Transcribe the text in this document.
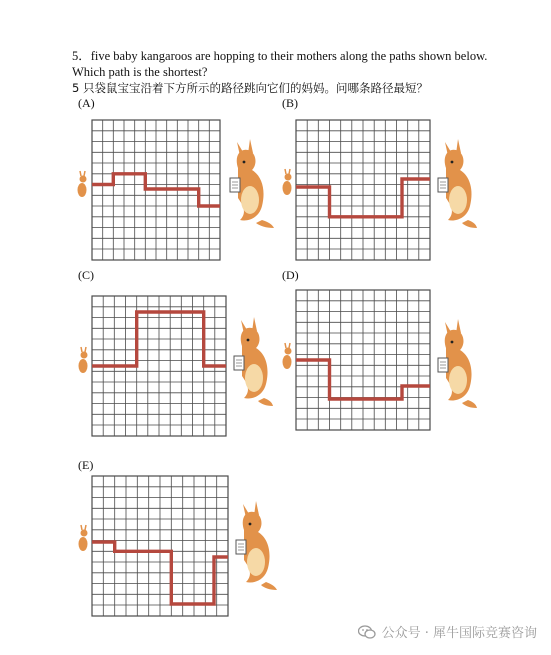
5．five baby kangaroos are hopping to their mothers along the paths shown below.
Which path is the shortest?
5 只袋鼠宝宝沿着下方所示的路径跳向它们的妈妈。问哪条路径最短？
(A)	(B)
(C)	(D)
(E)
公众号 · 犀牛国际竞赛咨询
